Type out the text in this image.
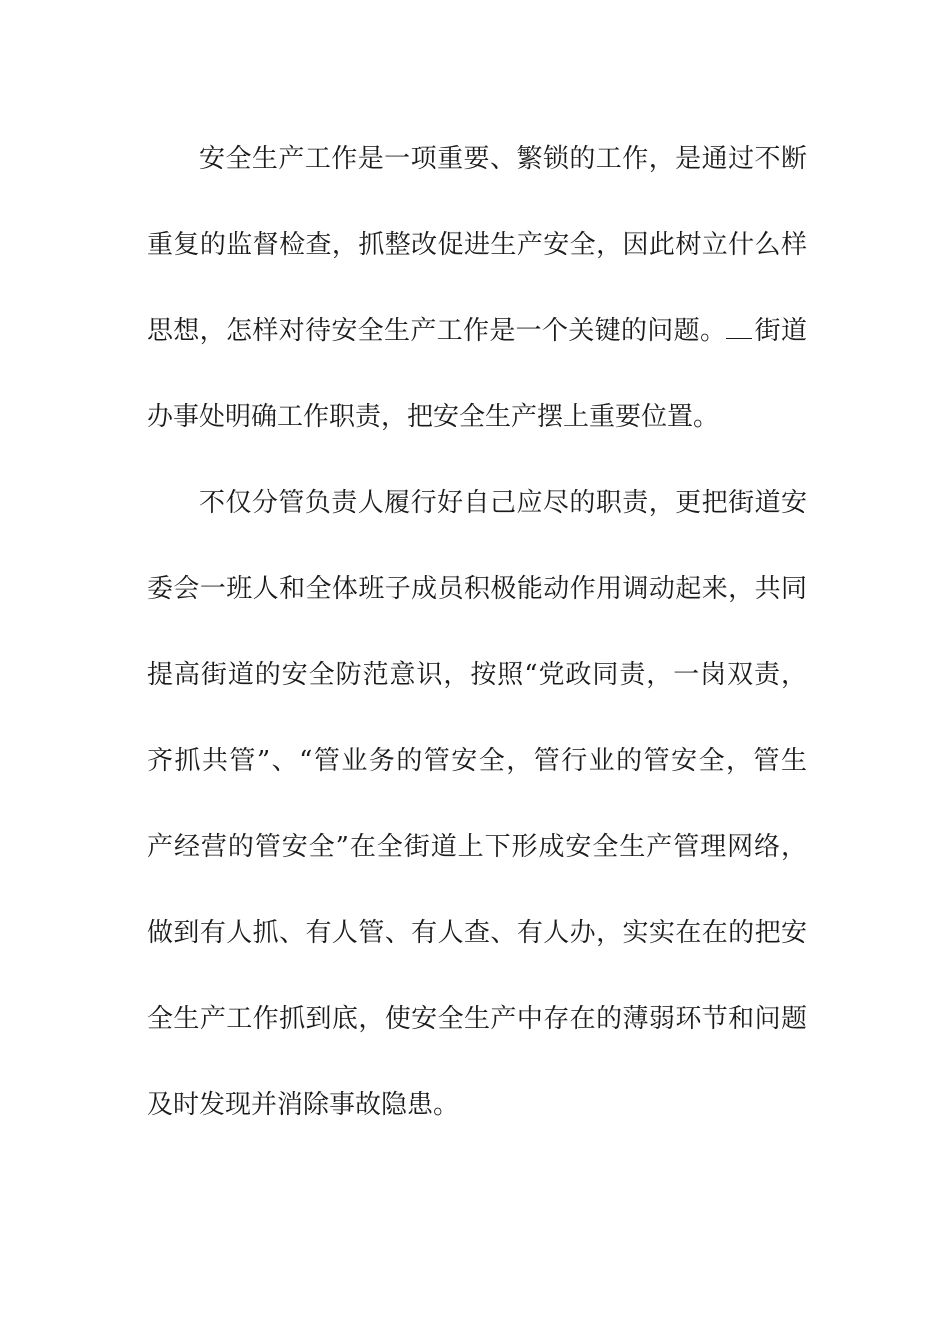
安全生产工作是一项重要、繁锁的工作，是通过不断
重复的监督检查，抓整改促进生产安全，因此树立什么样
思想，怎样对待安全生产工作是一个关键的问题。 街道
办事处明确工作职责，把安全生产摆上重要位置。
不仅分管负责人履行好自己应尽的职责，更把街道安
委会一班人和全体班子成员积极能动作用调动起来，共同
提高街道的安全防范意识，按照“党政同责，一岗双责，
齐抓共管”、“管业务的管安全，管行业的管安全，管生
产经营的管安全”在全街道上下形成安全生产管理网络，
做到有人抓、有人管、有人查、有人办，实实在在的把安
全生产工作抓到底，使安全生产中存在的薄弱环节和问题
及时发现并消除事故隐患。
